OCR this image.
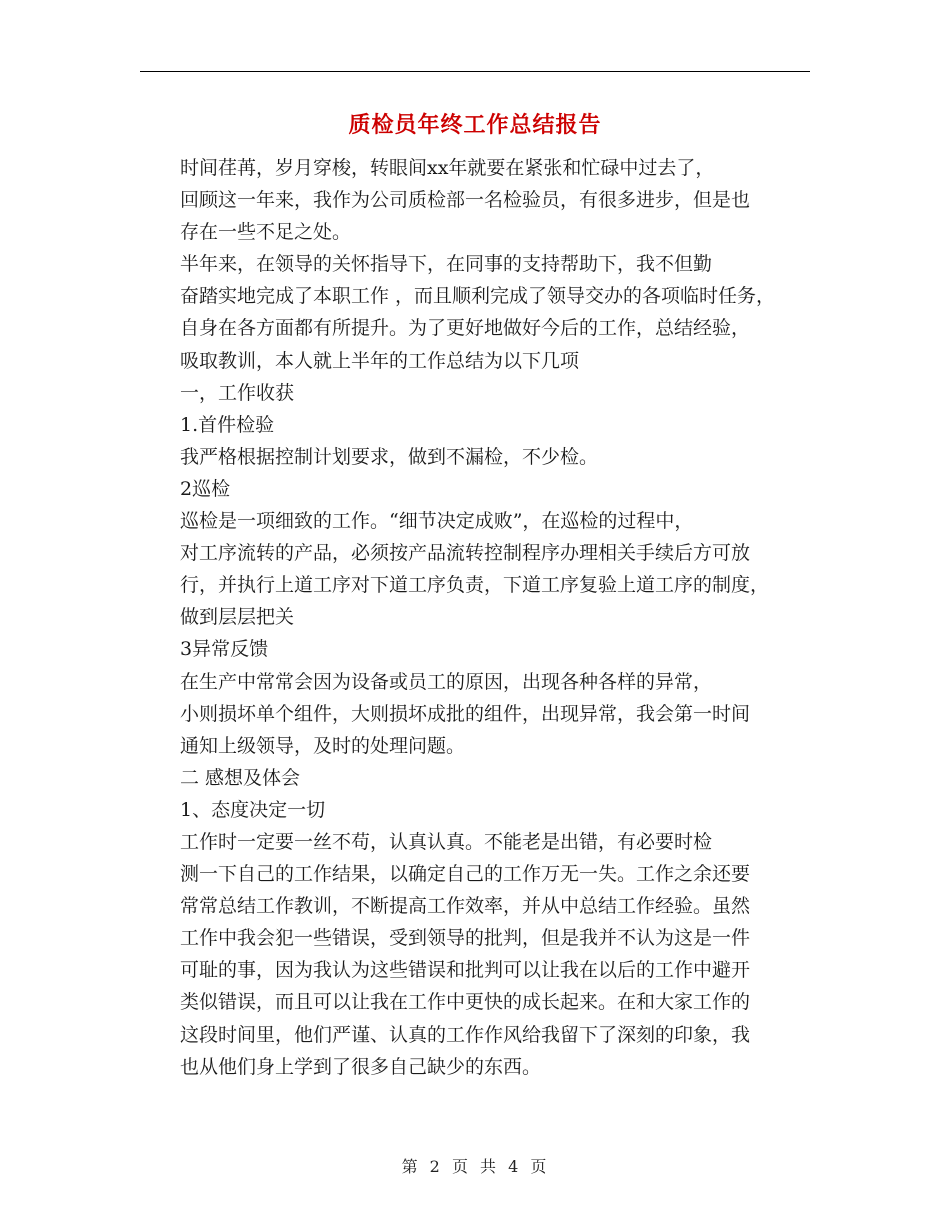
质检员年终工作总结报告

时间荏苒，岁月穿梭，转眼间xx年就要在紧张和忙碌中过去了，
回顾这一年来，我作为公司质检部一名检验员，有很多进步，但是也
存在一些不足之处。

半年来，在领导的关怀指导下，在同事的支持帮助下，我不但勤
奋踏实地完成了本职工作 ，而且顺利完成了领导交办的各项临时任务，
自身在各方面都有所提升。为了更好地做好今后的工作，总结经验，
吸取教训，本人就上半年的工作总结为以下几项

一，工作收获

1.首件检验

我严格根据控制计划要求，做到不漏检，不少检。

2巡检

巡检是一项细致的工作。“细节决定成败”，在巡检的过程中，
对工序流转的产品，必须按产品流转控制程序办理相关手续后方可放
行，并执行上道工序对下道工序负责，下道工序复验上道工序的制度，
做到层层把关

3异常反馈

在生产中常常会因为设备或员工的原因，出现各种各样的异常，
小则损坏单个组件，大则损坏成批的组件，出现异常，我会第一时间
通知上级领导，及时的处理问题。

二 感想及体会

1、态度决定一切

工作时一定要一丝不苟，认真认真。不能老是出错，有必要时检
测一下自己的工作结果，以确定自己的工作万无一失。工作之余还要
常常总结工作教训，不断提高工作效率，并从中总结工作经验。虽然
工作中我会犯一些错误，受到领导的批判，但是我并不认为这是一件
可耻的事，因为我认为这些错误和批判可以让我在以后的工作中避开
类似错误，而且可以让我在工作中更快的成长起来。在和大家工作的
这段时间里，他们严谨、认真的工作作风给我留下了深刻的印象，我
也从他们身上学到了很多自己缺少的东西。

第 2 页 共 4 页
